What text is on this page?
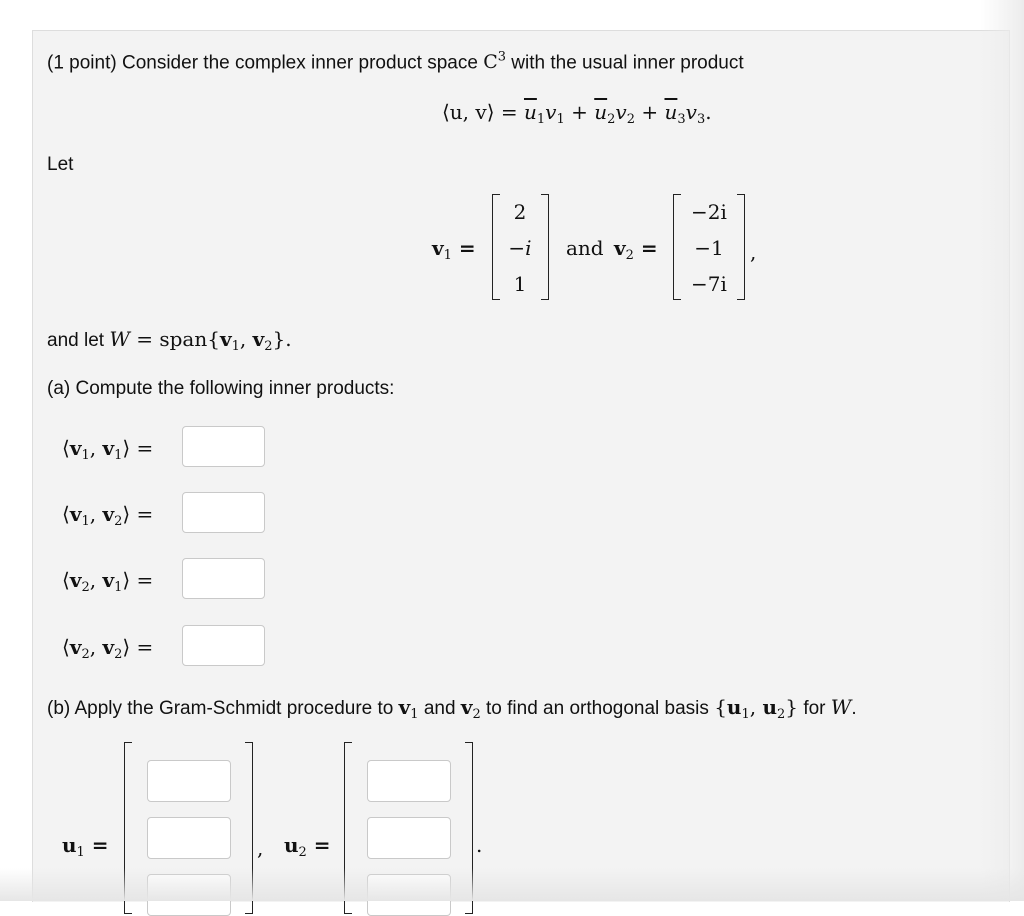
(1 point) Consider the complex inner product space $C^3$ with the usual inner product
⟨u, v⟩ = $\overline{u}_1v_1 + \overline{u}_2v_2 + \overline{u}_3v_3$.
Let
$v_1$ =
2
−i
1
and $v_2$ =
−2i
−1
−7i
,
and let $W = span\{v_1$, $v_2$}.
(a) Compute the following inner products:
$⟨v_1$, $v_1⟩$ =
$⟨v_1$, $v_2⟩$ =
$⟨v_2$, $v_1⟩$ =
$⟨v_2$, $v_2⟩$ =
(b) Apply the Gram-Schmidt procedure to $v_1$ and $v_2$ to find an orthogonal basis {$u_1$, $u_2$} for W.
$u_1$ =	, $u_2$ =	.
